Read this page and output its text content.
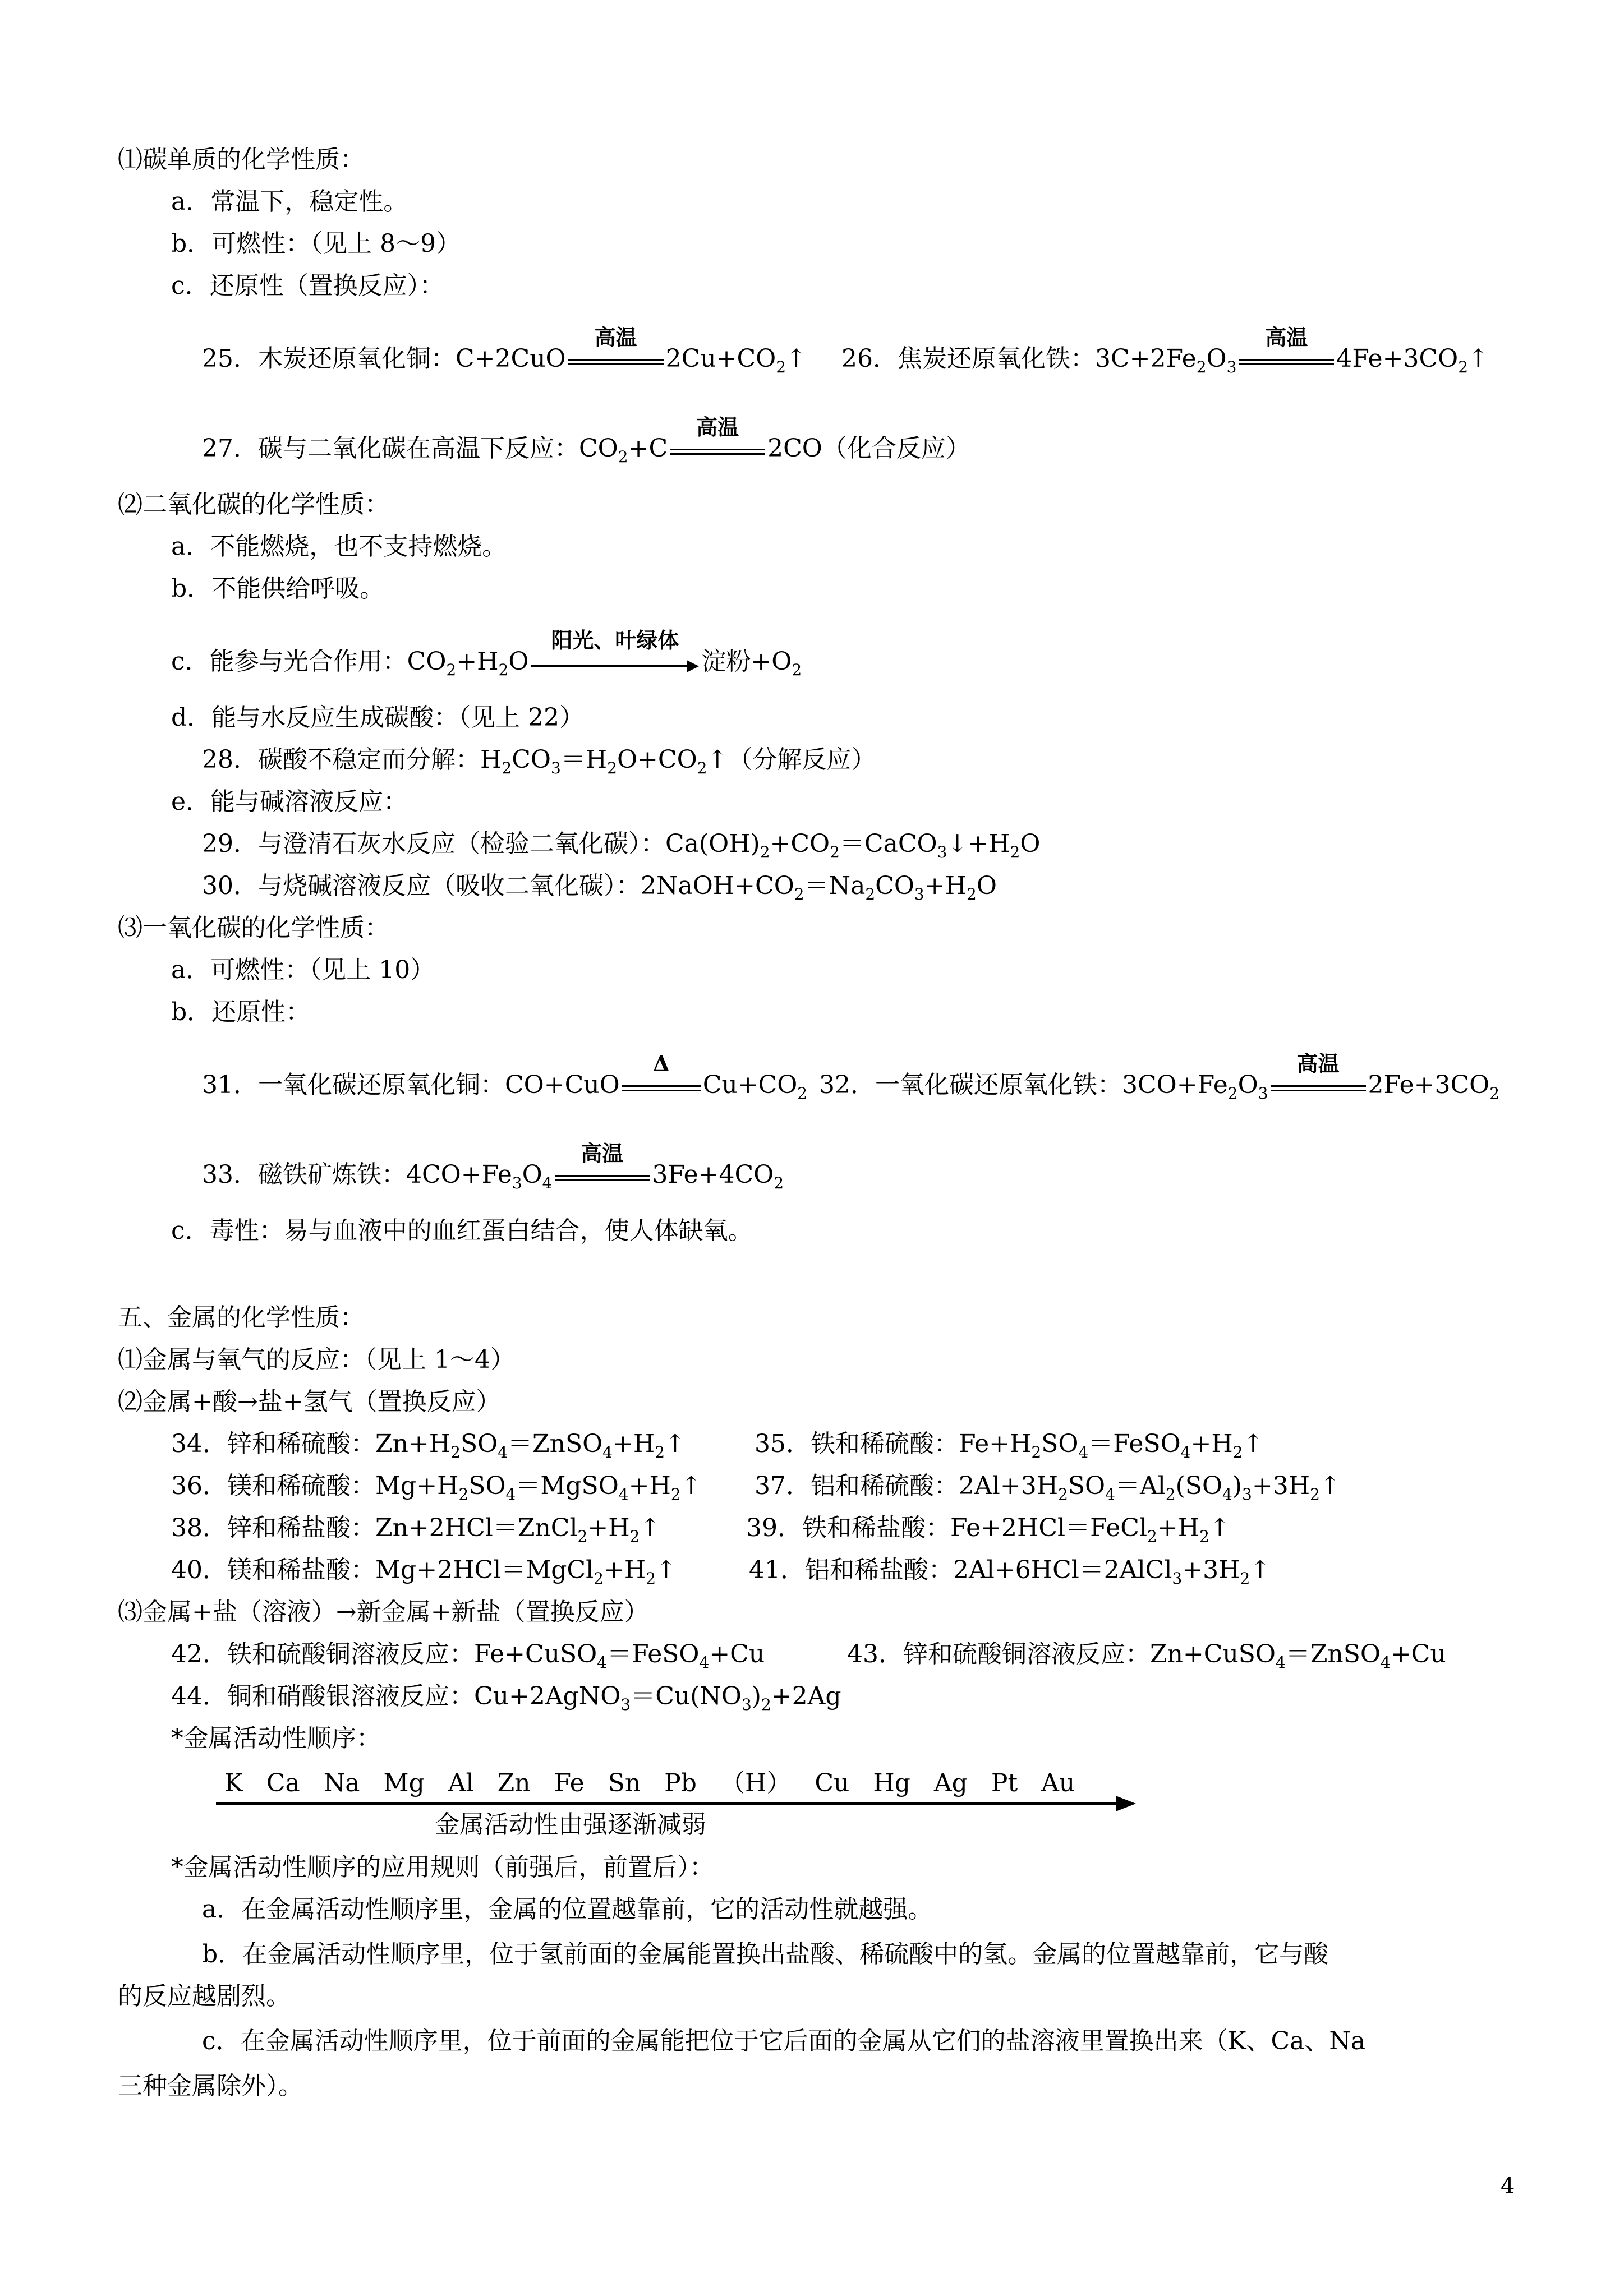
⑴碳单质的化学性质：
a．常温下，稳定性。
b．可燃性：（见上 8～9）
c．还原性（置换反应）：
25．木炭还原氧化铜：C+2CuO
高温
$2Cu+CO_2$ ↑	26．焦炭还原氧化铁：$3C+2Fe_2O_3$
高温
$4Fe+3CO_2$ ↑
27．碳与二氧化碳在高温下反应：$CO_2+C$
高温
2CO（化合反应）
⑵二氧化碳的化学性质：
a．不能燃烧，也不支持燃烧。
b．不能供给呼吸。
c．能参与光合作用：$CO_2+H_2O$
阳光、叶绿体
淀粉$+O_2$
d．能与水反应生成碳酸：（见上 22）
28．碳酸不稳定而分解：$H_2CO_3=H_2O+CO_2$ ↑ （分解反应）
e．能与碱溶液反应：
29．与澄清石灰水反应（检验二氧化碳）：$Ca(OH)_2+CO_2=CaCO_3↓+H_2O$
30．与烧碱溶液反应（吸收二氧化碳）：$2NaOH+CO_2=Na_2CO_3+H_2O$
⑶一氧化碳的化学性质：
a．可燃性：（见上 10）
b．还原性：
31．一氧化碳还原氧化铜：CO+CuO
Δ
$Cu+CO_2$ 32．一氧化碳还原氧化铁：$3CO+Fe_2O_3$
高温
$2Fe+3CO_2$
33．磁铁矿炼铁：$4CO+Fe_3O_4$
高温
$3Fe+4CO_2$
c．毒性：易与血液中的血红蛋白结合，使人体缺氧。
五、金属的化学性质：
⑴金属与氧气的反应：（见上 1～4）
⑵金属+酸→盐+氢气（置换反应）
34．锌和稀硫酸：$Zn+H_2SO_4=ZnSO_4+H_2$ ↑	35．铁和稀硫酸：$Fe+H_2SO_4=FeSO_4+H_2$ ↑
36．镁和稀硫酸：$Mg+H_2SO_4=MgSO_4+H_2$ ↑	37．铝和稀硫酸：$2Al+3H_2SO_4=Al_2(SO_4)_3+3H_2$ ↑
38．锌和稀盐酸：$Zn+2HCl=ZnCl_2+H_2$ ↑	39．铁和稀盐酸：$Fe+2HCl=FeCl_2+H_2$ ↑
40．镁和稀盐酸：$Mg+2HCl=MgCl_2+H_2$ ↑	41．铝和稀盐酸：$2Al+6HCl=2AlCl_3+3H_2$ ↑
⑶金属+盐（溶液）→新金属+新盐（置换反应）
42．铁和硫酸铜溶液反应：Fe+CuSO$_4$＝FeSO$_4$+Cu	43．锌和硫酸铜溶液反应：Zn+CuSO$_4$＝ZnSO$_4$+Cu
44．铜和硝酸银溶液反应：$Cu+2AgNO_3=Cu(NO_3)_2+2Ag$
*金属活动性顺序：
K Ca Na Mg Al Zn Fe Sn Pb （H） Cu Hg Ag Pt Au
金属活动性由强逐渐减弱
*金属活动性顺序的应用规则（前强后，前置后）：
a．在金属活动性顺序里，金属的位置越靠前，它的活动性就越强。
b．在金属活动性顺序里，位于氢前面的金属能置换出盐酸、稀硫酸中的氢。金属的位置越靠前，它与酸
的反应越剧烈。
c．在金属活动性顺序里，位于前面的金属能把位于它后面的金属从它们的盐溶液里置换出来（K、Ca、Na
三种金属除外）。
4
